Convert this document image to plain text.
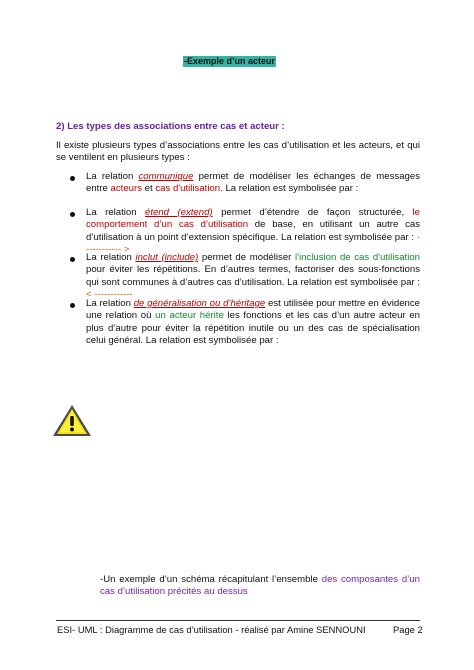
-Exemple d’un acteur
2) Les types des associations entre cas et acteur :
Il existe plusieurs types d’associations entre les cas d’utilisation et les acteurs, et qui se ventilent en plusieurs types :
La relation communique permet de modéliser les échanges de messages entre acteurs et cas d'utilisation. La relation est symbolisée par :
La relation étend (extend) permet d’étendre de façon structurée, le comportement d’un cas d’utilisation de base, en utilisant un autre cas d’utilisation à un point d’extension spécifique. La relation est symbolisée par : ------------ >
La relation inclut (include) permet de modéliser l'inclusion de cas d'utilisation pour éviter les répétitions. En d’autres termes, factoriser des sous-fonctions qui sont communes à d’autres cas d’utilisation. La relation est symbolisée par : < ------------
La relation de généralisation ou d’héritage est utilisée pour mettre en évidence une relation où un acteur hérite les fonctions et les cas d’un autre acteur en plus d’autre pour éviter la répétition inutile ou un des cas de spécialisation celui général. La relation est symbolisée par :
-Un exemple d’un schéma récapitulant l’ensemble des composantes d’un cas d’utilisation précités au dessus
ESI- UML : Diagramme de cas d’utilisation - réalisé par Amine SENNOUNI	Page 2
